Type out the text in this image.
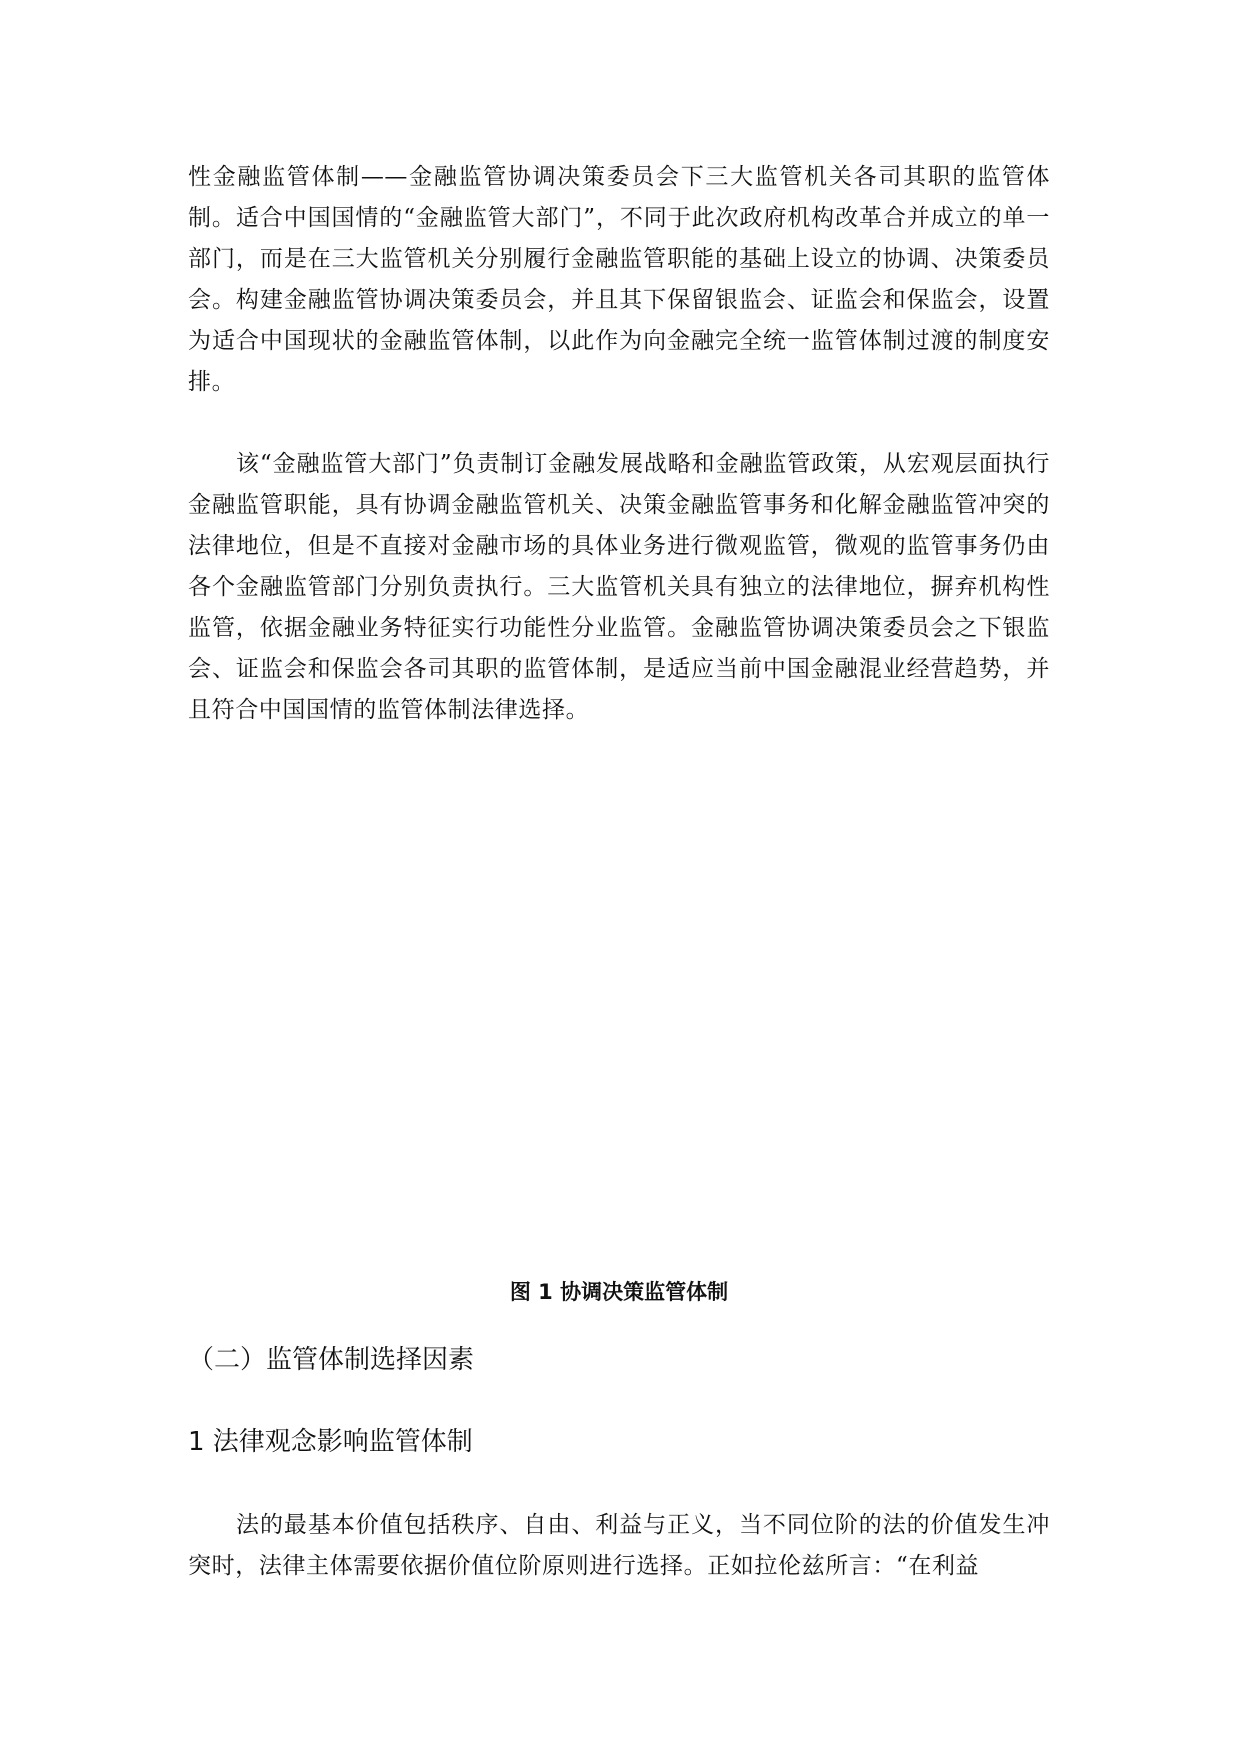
性金融监管体制——金融监管协调决策委员会下三大监管机关各司其职的监管体制。适合中国国情的“金融监管大部门”，不同于此次政府机构改革合并成立的单一部门，而是在三大监管机关分别履行金融监管职能的基础上设立的协调、决策委员会。构建金融监管协调决策委员会，并且其下保留银监会、证监会和保监会，设置为适合中国现状的金融监管体制，以此作为向金融完全统一监管体制过渡的制度安排。

该“金融监管大部门”负责制订金融发展战略和金融监管政策，从宏观层面执行金融监管职能，具有协调金融监管机关、决策金融监管事务和化解金融监管冲突的法律地位，但是不直接对金融市场的具体业务进行微观监管，微观的监管事务仍由各个金融监管部门分别负责执行。三大监管机关具有独立的法律地位，摒弃机构性监管，依据金融业务特征实行功能性分业监管。金融监管协调决策委员会之下银监会、证监会和保监会各司其职的监管体制，是适应当前中国金融混业经营趋势，并且符合中国国情的监管体制法律选择。

图 1 协调决策监管体制
（二）监管体制选择因素
1 法律观念影响监管体制

法的最基本价值包括秩序、自由、利益与正义，当不同位阶的法的价值发生冲突时，法律主体需要依据价值位阶原则进行选择。正如拉伦兹所言：“在利益
